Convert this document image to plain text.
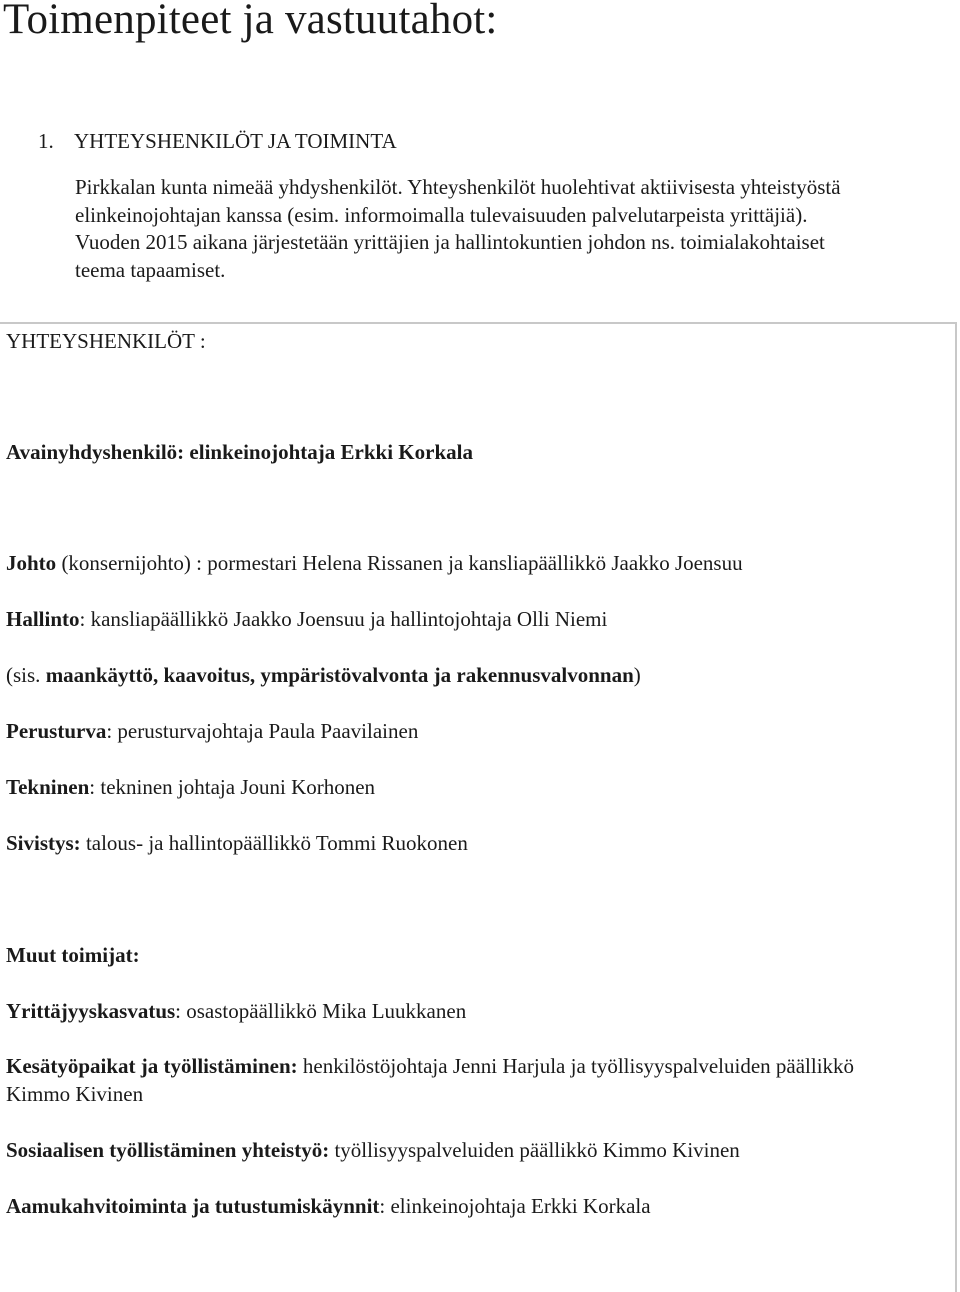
Toimenpiteet ja vastuutahot:
1. YHTEYSHENKILÖT JA TOIMINTA

Pirkkalan kunta nimeää yhdyshenkilöt. Yhteyshenkilöt huolehtivat aktiivisesta yhteistyöstä

elinkeinojohtajan kanssa (esim. informoimalla tulevaisuuden palvelutarpeista yrittäjiä).

Vuoden 2015 aikana järjestetään yrittäjien ja hallintokuntien johdon ns. toimialakohtaiset

teema tapaamiset.

YHTEYSHENKILÖT :
Avainyhdyshenkilö: elinkeinojohtaja Erkki Korkala
Johto (konsernijohto) : pormestari Helena Rissanen ja kansliapäällikkö Jaakko Joensuu
Hallinto: kansliapäällikkö Jaakko Joensuu ja hallintojohtaja Olli Niemi
(sis. maankäyttö, kaavoitus, ympäristövalvonta ja rakennusvalvonnan)
Perusturva: perusturvajohtaja Paula Paavilainen
Tekninen: tekninen johtaja Jouni Korhonen
Sivistys: talous- ja hallintopäällikkö Tommi Ruokonen
Muut toimijat:
Yrittäjyyskasvatus: osastopäällikkö Mika Luukkanen
Kesätyöpaikat ja työllistäminen: henkilöstöjohtaja Jenni Harjula ja työllisyyspalveluiden päällikkö Kimmo Kivinen
Sosiaalisen työllistäminen yhteistyö: työllisyyspalveluiden päällikkö Kimmo Kivinen
Aamukahvitoiminta ja tutustumiskäynnit: elinkeinojohtaja Erkki Korkala
